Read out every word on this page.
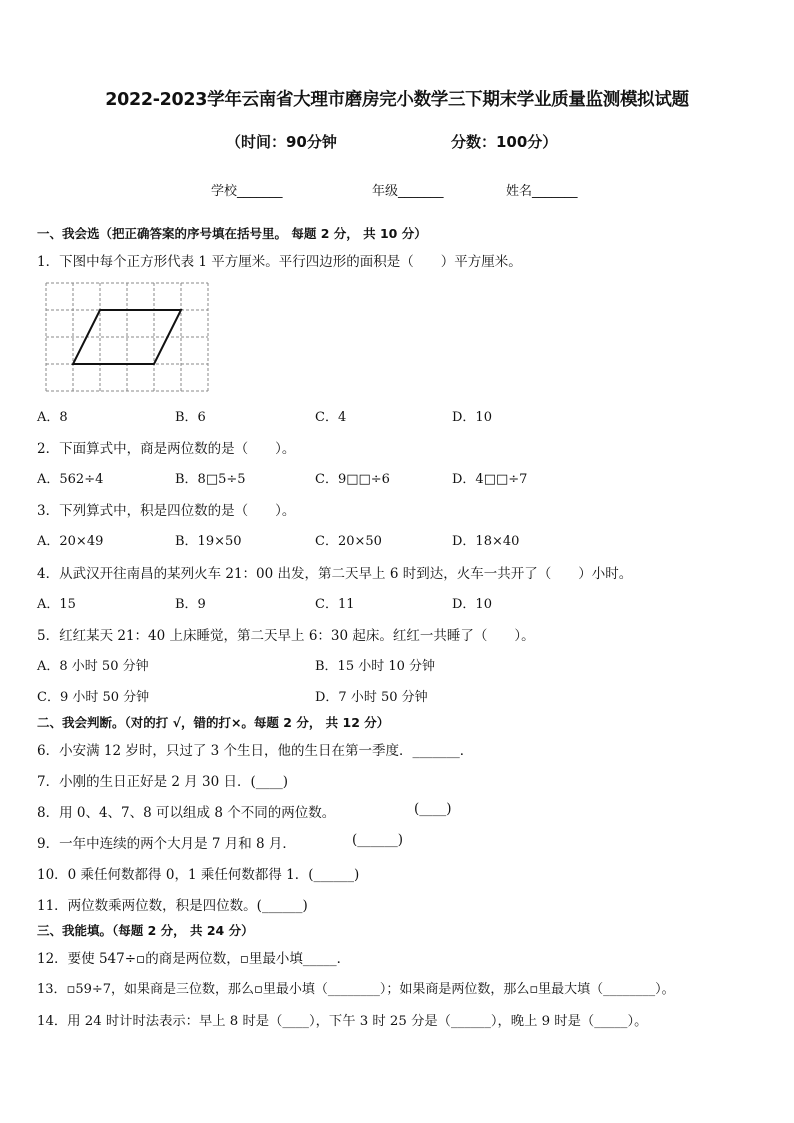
2022-2023学年云南省大理市磨房完小数学三下期末学业质量监测模拟试题
（时间：90分钟	分数：100分）
学校_______	年级_______	姓名_______
一、我会选（把正确答案的序号填在括号里。 每题 2 分， 共 10 分）
1．下图中每个正方形代表 1 平方厘米。平行四边形的面积是（　　）平方厘米。
A．8	B．6	C．4	D．10
2．下面算式中，商是两位数的是（　　）。
A．562÷4	B．8□5÷5	C．9□□÷6	D．4□□÷7
3．下列算式中，积是四位数的是（　　）。
A．20×49	B．19×50	C．20×50	D．18×40
4．从武汉开往南昌的某列火车 21：00 出发，第二天早上 6 时到达，火车一共开了（　　）小时。
A．15	B．9	C．11	D．10
5．红红某天 21：40 上床睡觉，第二天早上 6：30 起床。红红一共睡了（　　）。
A．8 小时 50 分钟	B．15 小时 10 分钟
C．9 小时 50 分钟	D．7 小时 50 分钟
二、我会判断。（对的打 √，错的打×。每题 2 分， 共 12 分）
6．小安满 12 岁时，只过了 3 个生日，他的生日在第一季度．_______．
7．小刚的生日正好是 2 月 30 日．(____)
8．用 0、4、7、8 可以组成 8 个不同的两位数。	(____)
9．一年中连续的两个大月是 7 月和 8 月．	(______)
10．0 乘任何数都得 0，1 乘任何数都得 1．(______)
11．两位数乘两位数，积是四位数。(______)
三、我能填。（每题 2 分， 共 24 分）
12．要使 547÷▫的商是两位数，▫里最小填_____．
13．▫59÷7，如果商是三位数，那么▫里最小填（________）；如果商是两位数，那么▫里最大填（________）。
14．用 24 时计时法表示：早上 8 时是（____），下午 3 时 25 分是（______），晚上 9 时是（_____）。
